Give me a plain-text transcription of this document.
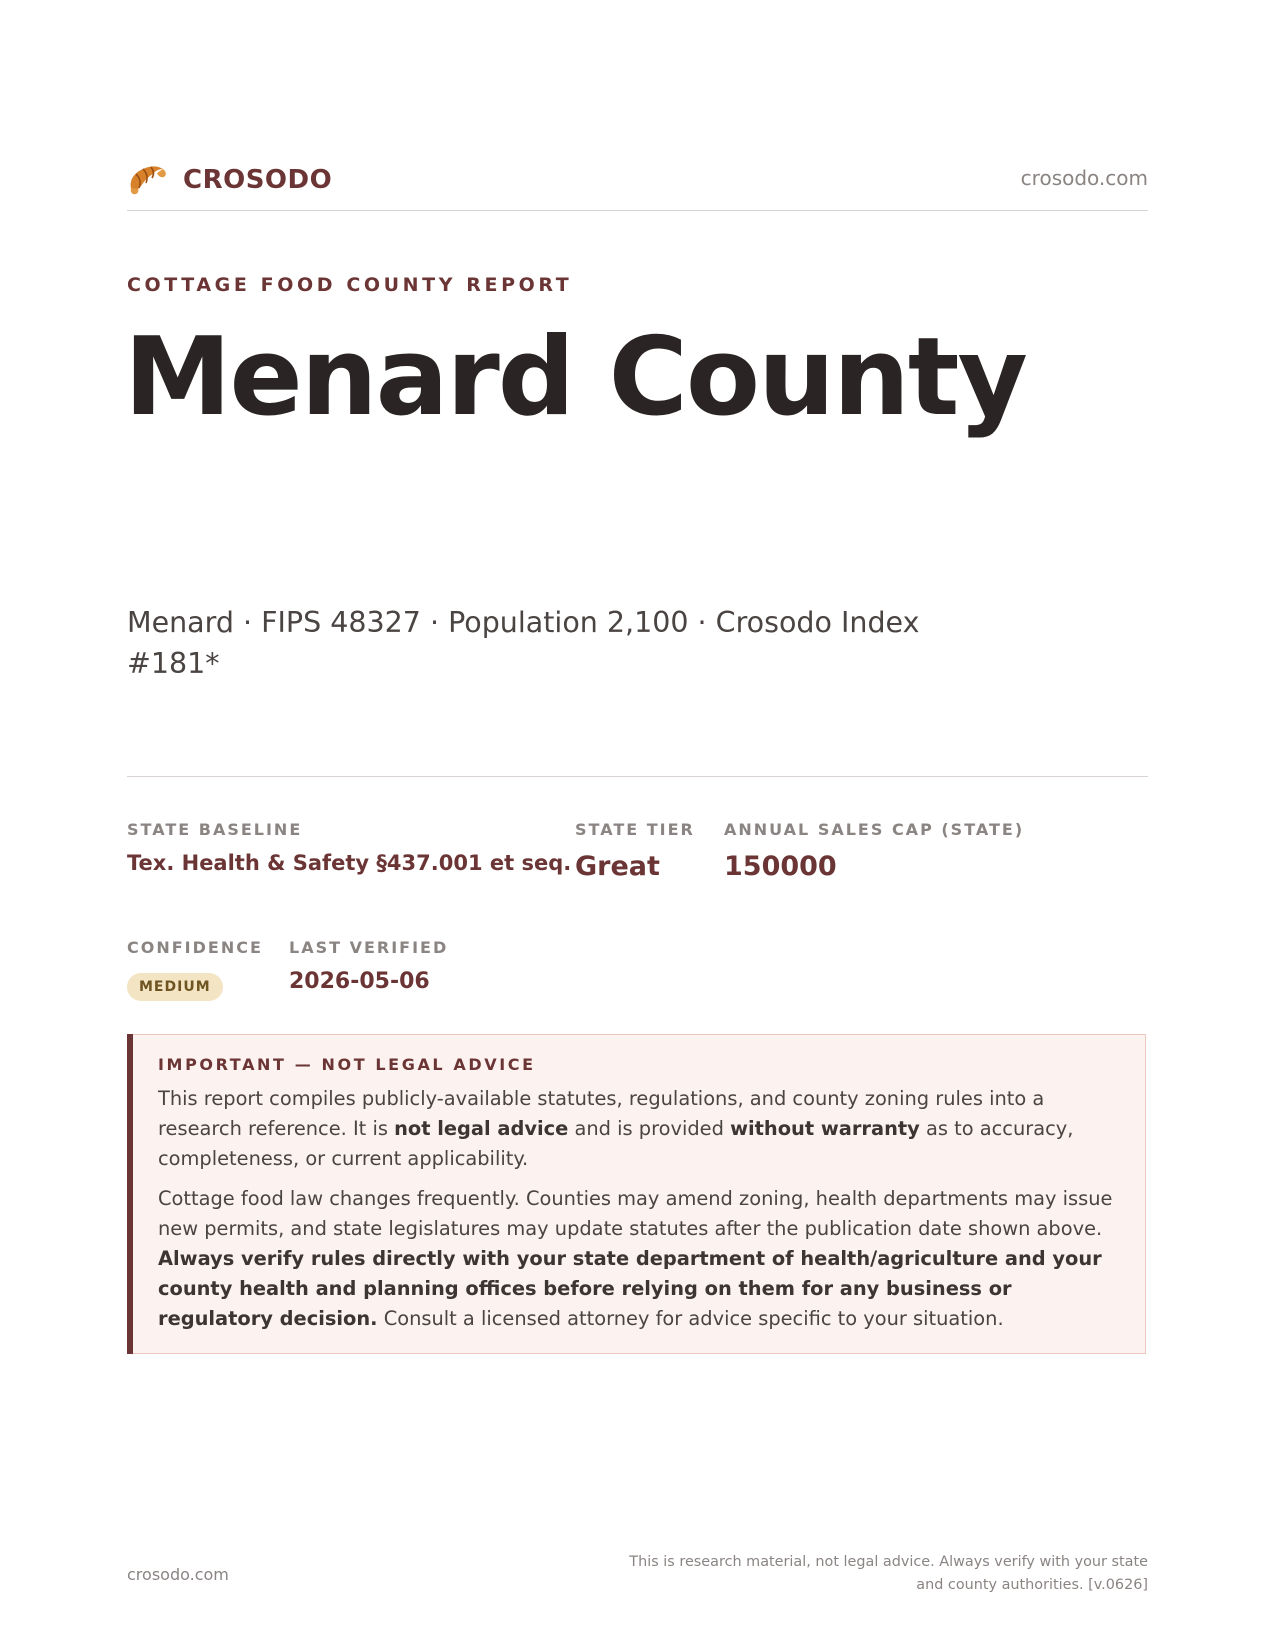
CROSODO	crosodo.com
COTTAGE FOOD COUNTY REPORT
Menard County
Menard · FIPS 48327 · Population 2,100 · Crosodo Index #181*
STATE BASELINE
Tex. Health & Safety §437.001 et seq.
STATE TIER
Great
ANNUAL SALES CAP (STATE)
150000
CONFIDENCE
MEDIUM
LAST VERIFIED
2026-05-06
IMPORTANT — NOT LEGAL ADVICE

This report compiles publicly-available statutes, regulations, and county zoning rules into a research reference. It is not legal advice and is provided without warranty as to accuracy, completeness, or current applicability.

Cottage food law changes frequently. Counties may amend zoning, health departments may issue new permits, and state legislatures may update statutes after the publication date shown above. Always verify rules directly with your state department of health/agriculture and your county health and planning offices before relying on them for any business or regulatory decision. Consult a licensed attorney for advice specific to your situation.

crosodo.com
This is research material, not legal advice. Always verify with your state
and county authorities. [v.0626]
